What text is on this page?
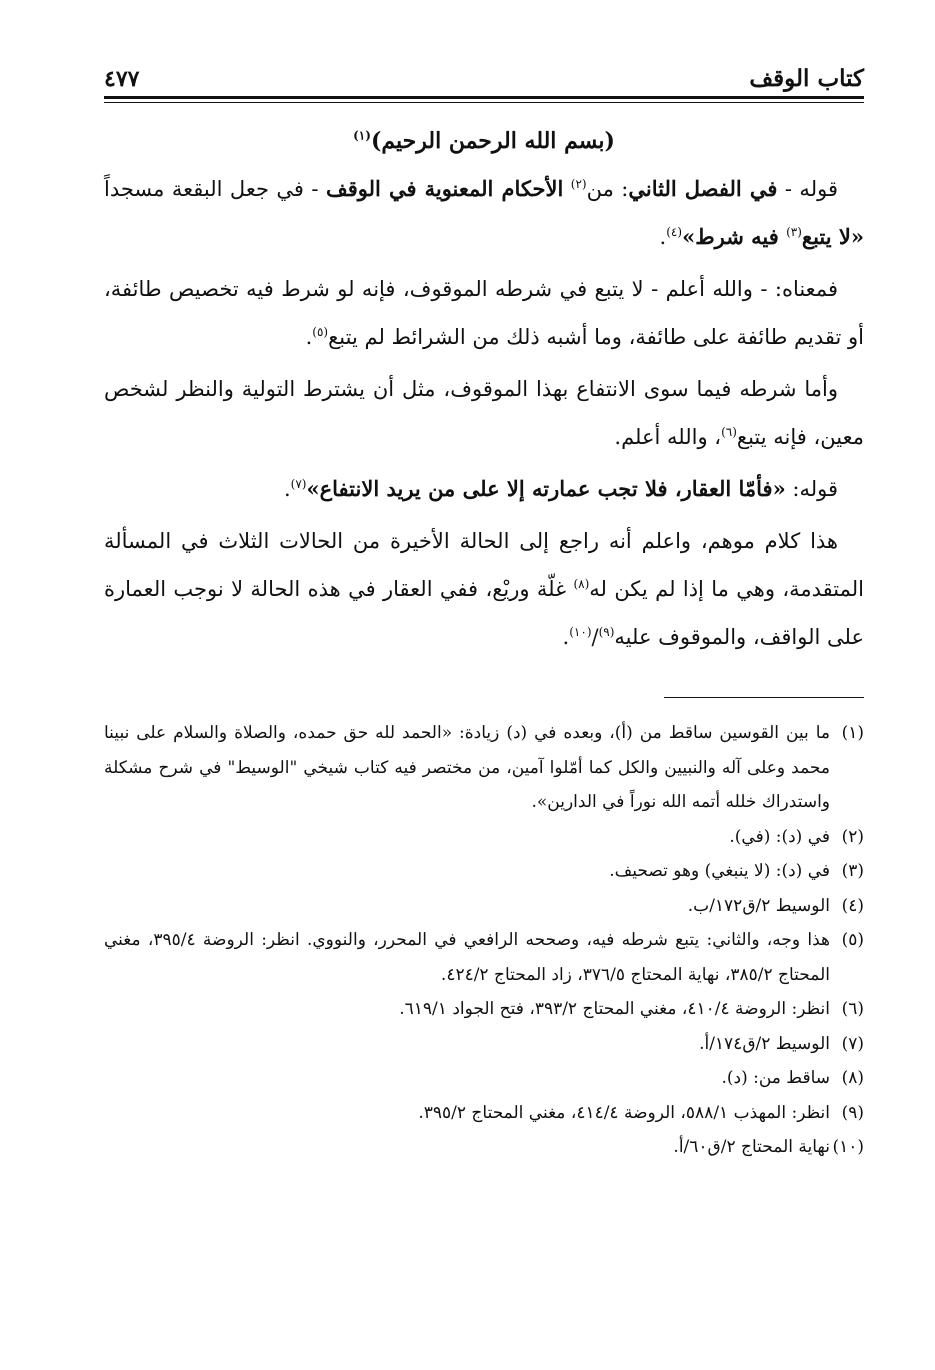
كتاب الوقف
٤٧٧
(بسم الله الرحمن الرحيم)$^{(١)}$

قوله - في الفصل الثاني: من$^{(٢)}$ الأحكام المعنوية في الوقف - في جعل البقعة مسجداً «لا يتبع$^{(٣)}$ فيه شرط»$^{(٤)}$.

فمعناه: - والله أعلم - لا يتبع في شرطه الموقوف، فإنه لو شرط فيه تخصيص طائفة، أو تقديم طائفة على طائفة، وما أشبه ذلك من الشرائط لم يتبع$^{(٥)}$.

وأما شرطه فيما سوى الانتفاع بهذا الموقوف، مثل أن يشترط التولية والنظر لشخص معين، فإنه يتبع$^{(٦)}$، والله أعلم.

قوله: «فأمّا العقار، فلا تجب عمارته إلا على من يريد الانتفاع»$^{(٧)}$.

هذا كلام موهم، واعلم أنه راجع إلى الحالة الأخيرة من الحالات الثلاث في المسألة المتقدمة، وهي ما إذا لم يكن له$^{(٨)}$ غلّة وريْع، ففي العقار في هذه الحالة لا نوجب العمارة على الواقف، والموقوف عليه$^{(٩)}$/$^{(١٠)}$.

(١)ما بين القوسين ساقط من (أ)، وبعده في (د) زيادة: «الحمد لله حق حمده، والصلاة والسلام على نبينا محمد وعلى آله والنبيين والكل كما أمّلوا آمين، من مختصر فيه كتاب شيخي "الوسيط" في شرح مشكلة واستدراك خلله أتمه الله نوراً في الدارين».

(٢)في (د): (في).

(٣)في (د): (لا ينبغي) وهو تصحيف.

(٤)الوسيط ٢/ق١٧٢/ب.

(٥)هذا وجه، والثاني: يتبع شرطه فيه، وصححه الرافعي في المحرر، والنووي. انظر: الروضة ٣٩٥/٤، مغني المحتاج ٣٨٥/٢، نهاية المحتاج ٣٧٦/٥، زاد المحتاج ٤٢٤/٢.

(٦)انظر: الروضة ٤١٠/٤، مغني المحتاج ٣٩٣/٢، فتح الجواد ٦١٩/١.

(٧)الوسيط ٢/ق١٧٤/أ.

(٨)ساقط من: (د).

(٩)انظر: المهذب ٥٨٨/١، الروضة ٤١٤/٤، مغني المحتاج ٣٩٥/٢.

(١٠)نهاية المحتاج ٢/ق٦٠/أ.
